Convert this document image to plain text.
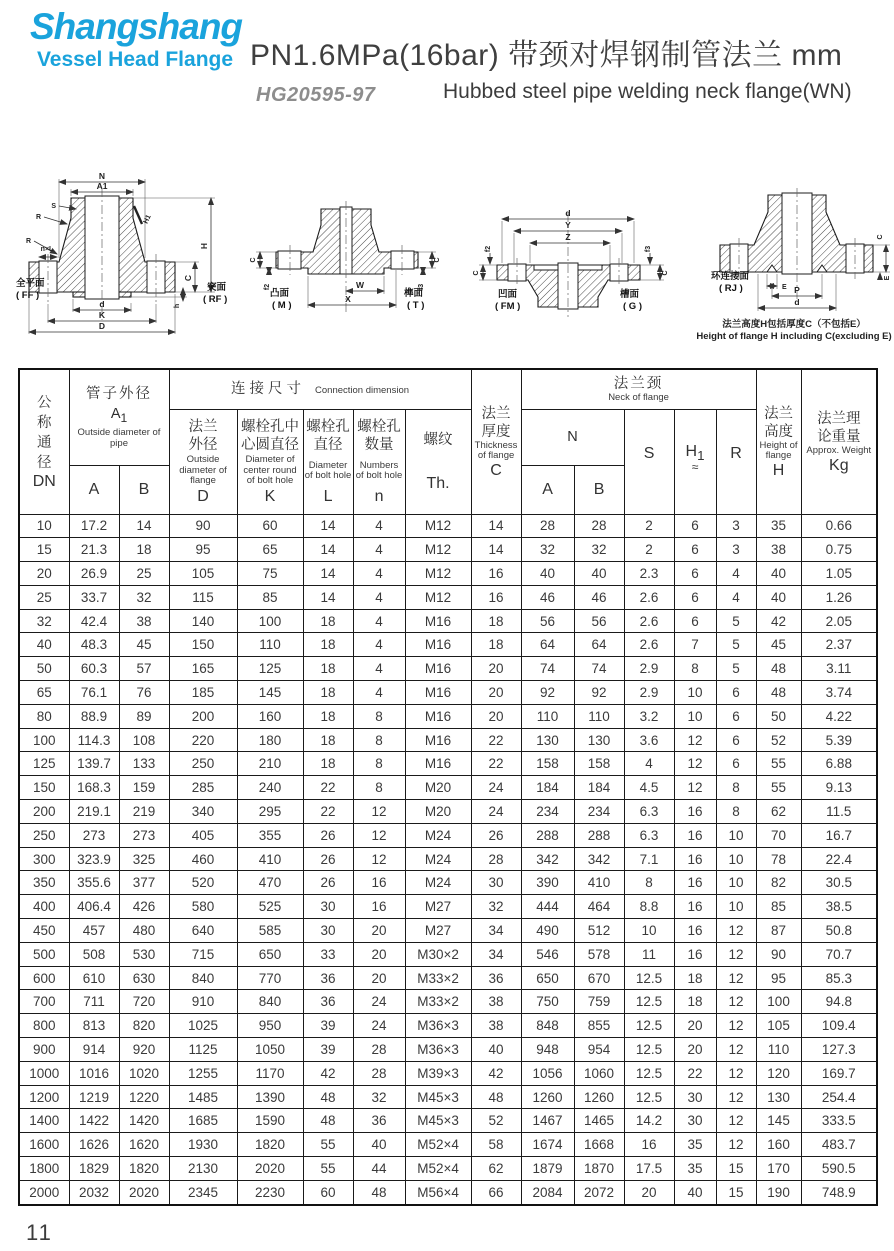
Shangshang
Vessel Head Flange PN1.6MPa(16bar) 带颈对焊钢制管法兰 mm
HG20595-97	Hubbed steel pipe welding neck flange(WN)
N
A1
S
R
R
n×L
H1
H
C
h
d
K
D
全平面
( FF )
突面
( RF )
C
f2
C
f3
W
X
凸面
( M )
榫面
( T )
d
Y
Z
f2
C
f3
C
凹面
( FM )
槽面
( G )
E P
d
C
E
环连接面
( RJ )
法兰高度H包括厚度C（不包括E）
Height of flange H including C(excluding E)
公称通径
DN	管子外径
$A_1$
Outside diameter of pipe		连接尺寸 Connection dimension					法兰厚度
Thickness of flange
C	法兰颈
Neck of flange					法兰高度
Height of flange
H	法兰理论重量
Approx. Weight
Kg

			法兰外径
Outside diameter of flange
D	螺栓孔中心圆直径
Diameter of center round of bolt hole
K	螺栓孔直径
Diameter of bolt hole
L	螺栓孔数量
Numbers of bolt hole
n	螺纹
Th.		N		S	$H_1$
≈	R		

	A	B							A	B					
10	17.2	14	90	60	14	4	M12	14	28	28	2	6	3	35	0.66
15	21.3	18	95	65	14	4	M12	14	32	32	2	6	3	38	0.75
20	26.9	25	105	75	14	4	M12	16	40	40	2.3	6	4	40	1.05
25	33.7	32	115	85	14	4	M12	16	46	46	2.6	6	4	40	1.26
32	42.4	38	140	100	18	4	M16	18	56	56	2.6	6	5	42	2.05
40	48.3	45	150	110	18	4	M16	18	64	64	2.6	7	5	45	2.37
50	60.3	57	165	125	18	4	M16	20	74	74	2.9	8	5	48	3.11
65	76.1	76	185	145	18	4	M16	20	92	92	2.9	10	6	48	3.74
80	88.9	89	200	160	18	8	M16	20	110	110	3.2	10	6	50	4.22
100	114.3	108	220	180	18	8	M16	22	130	130	3.6	12	6	52	5.39
125	139.7	133	250	210	18	8	M16	22	158	158	4	12	6	55	6.88
150	168.3	159	285	240	22	8	M20	24	184	184	4.5	12	8	55	9.13
200	219.1	219	340	295	22	12	M20	24	234	234	6.3	16	8	62	11.5
250	273	273	405	355	26	12	M24	26	288	288	6.3	16	10	70	16.7
300	323.9	325	460	410	26	12	M24	28	342	342	7.1	16	10	78	22.4
350	355.6	377	520	470	26	16	M24	30	390	410	8	16	10	82	30.5
400	406.4	426	580	525	30	16	M27	32	444	464	8.8	16	10	85	38.5
450	457	480	640	585	30	20	M27	34	490	512	10	16	12	87	50.8
500	508	530	715	650	33	20	M30×2	34	546	578	11	16	12	90	70.7
600	610	630	840	770	36	20	M33×2	36	650	670	12.5	18	12	95	85.3
700	711	720	910	840	36	24	M33×2	38	750	759	12.5	18	12	100	94.8
800	813	820	1025	950	39	24	M36×3	38	848	855	12.5	20	12	105	109.4
900	914	920	1125	1050	39	28	M36×3	40	948	954	12.5	20	12	110	127.3
1000	1016	1020	1255	1170	42	28	M39×3	42	1056	1060	12.5	22	12	120	169.7
1200	1219	1220	1485	1390	48	32	M45×3	48	1260	1260	12.5	30	12	130	254.4
1400	1422	1420	1685	1590	48	36	M45×3	52	1467	1465	14.2	30	12	145	333.5
1600	1626	1620	1930	1820	55	40	M52×4	58	1674	1668	16	35	12	160	483.7
1800	1829	1820	2130	2020	55	44	M52×4	62	1879	1870	17.5	35	15	170	590.5
2000	2032	2020	2345	2230	60	48	M56×4	66	2084	2072	20	40	15	190	748.9
11
